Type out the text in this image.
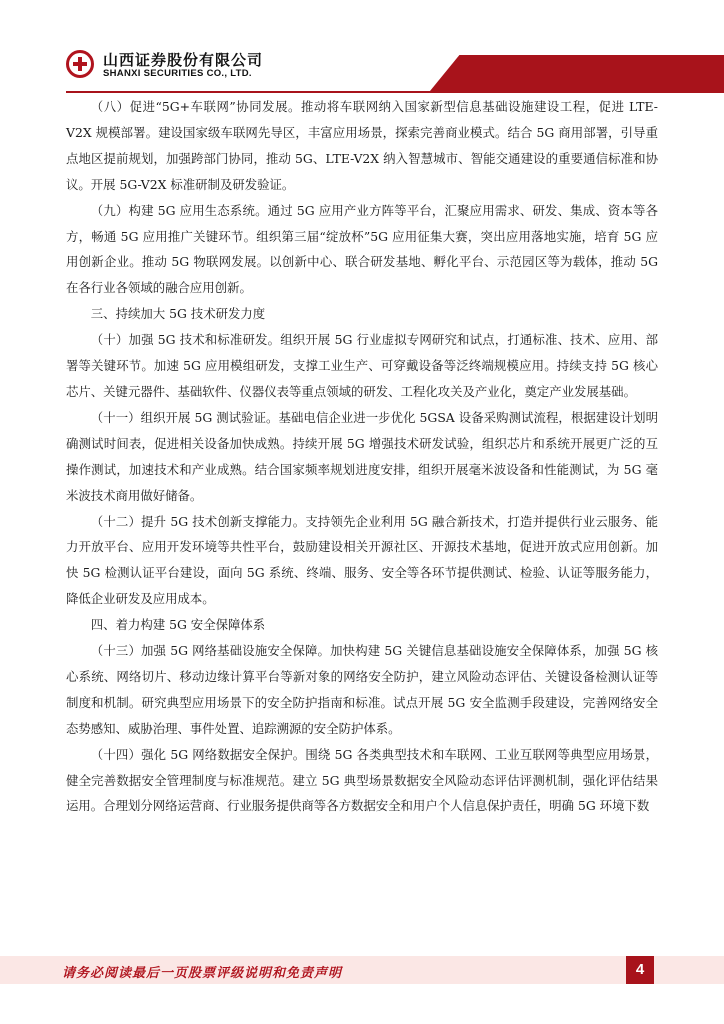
山西证券股份有限公司
SHANXI SECURITIES CO., LTD.
证券研究报告：行业研究/点评报告

（八）促进“5G+车联网”协同发展。推动将车联网纳入国家新型信息基础设施建设工程，促进 LTE-V2X 规模部署。建设国家级车联网先导区，丰富应用场景，探索完善商业模式。结合 5G 商用部署，引导重点地区提前规划，加强跨部门协同，推动 5G、LTE-V2X 纳入智慧城市、智能交通建设的重要通信标准和协议。开展 5G-V2X 标准研制及研发验证。

（九）构建 5G 应用生态系统。通过 5G 应用产业方阵等平台，汇聚应用需求、研发、集成、资本等各方，畅通 5G 应用推广关键环节。组织第三届“绽放杯”5G 应用征集大赛，突出应用落地实施，培育 5G 应用创新企业。推动 5G 物联网发展。以创新中心、联合研发基地、孵化平台、示范园区等为载体，推动 5G 在各行业各领域的融合应用创新。

三、持续加大 5G 技术研发力度

（十）加强 5G 技术和标准研发。组织开展 5G 行业虚拟专网研究和试点，打通标准、技术、应用、部署等关键环节。加速 5G 应用模组研发，支撑工业生产、可穿戴设备等泛终端规模应用。持续支持 5G 核心芯片、关键元器件、基础软件、仪器仪表等重点领域的研发、工程化攻关及产业化，奠定产业发展基础。

（十一）组织开展 5G 测试验证。基础电信企业进一步优化 5GSA 设备采购测试流程，根据建设计划明确测试时间表，促进相关设备加快成熟。持续开展 5G 增强技术研发试验，组织芯片和系统开展更广泛的互操作测试，加速技术和产业成熟。结合国家频率规划进度安排，组织开展毫米波设备和性能测试，为 5G 毫米波技术商用做好储备。

（十二）提升 5G 技术创新支撑能力。支持领先企业利用 5G 融合新技术，打造并提供行业云服务、能力开放平台、应用开发环境等共性平台，鼓励建设相关开源社区、开源技术基地，促进开放式应用创新。加快 5G 检测认证平台建设，面向 5G 系统、终端、服务、安全等各环节提供测试、检验、认证等服务能力，降低企业研发及应用成本。

四、着力构建 5G 安全保障体系

（十三）加强 5G 网络基础设施安全保障。加快构建 5G 关键信息基础设施安全保障体系，加强 5G 核心系统、网络切片、移动边缘计算平台等新对象的网络安全防护，建立风险动态评估、关键设备检测认证等制度和机制。研究典型应用场景下的安全防护指南和标准。试点开展 5G 安全监测手段建设，完善网络安全态势感知、威胁治理、事件处置、追踪溯源的安全防护体系。

（十四）强化 5G 网络数据安全保护。围绕 5G 各类典型技术和车联网、工业互联网等典型应用场景，健全完善数据安全管理制度与标准规范。建立 5G 典型场景数据安全风险动态评估评测机制，强化评估结果运用。合理划分网络运营商、行业服务提供商等各方数据安全和用户个人信息保护责任，明确 5G 环境下数

请务必阅读最后一页股票评级说明和免责声明	4
